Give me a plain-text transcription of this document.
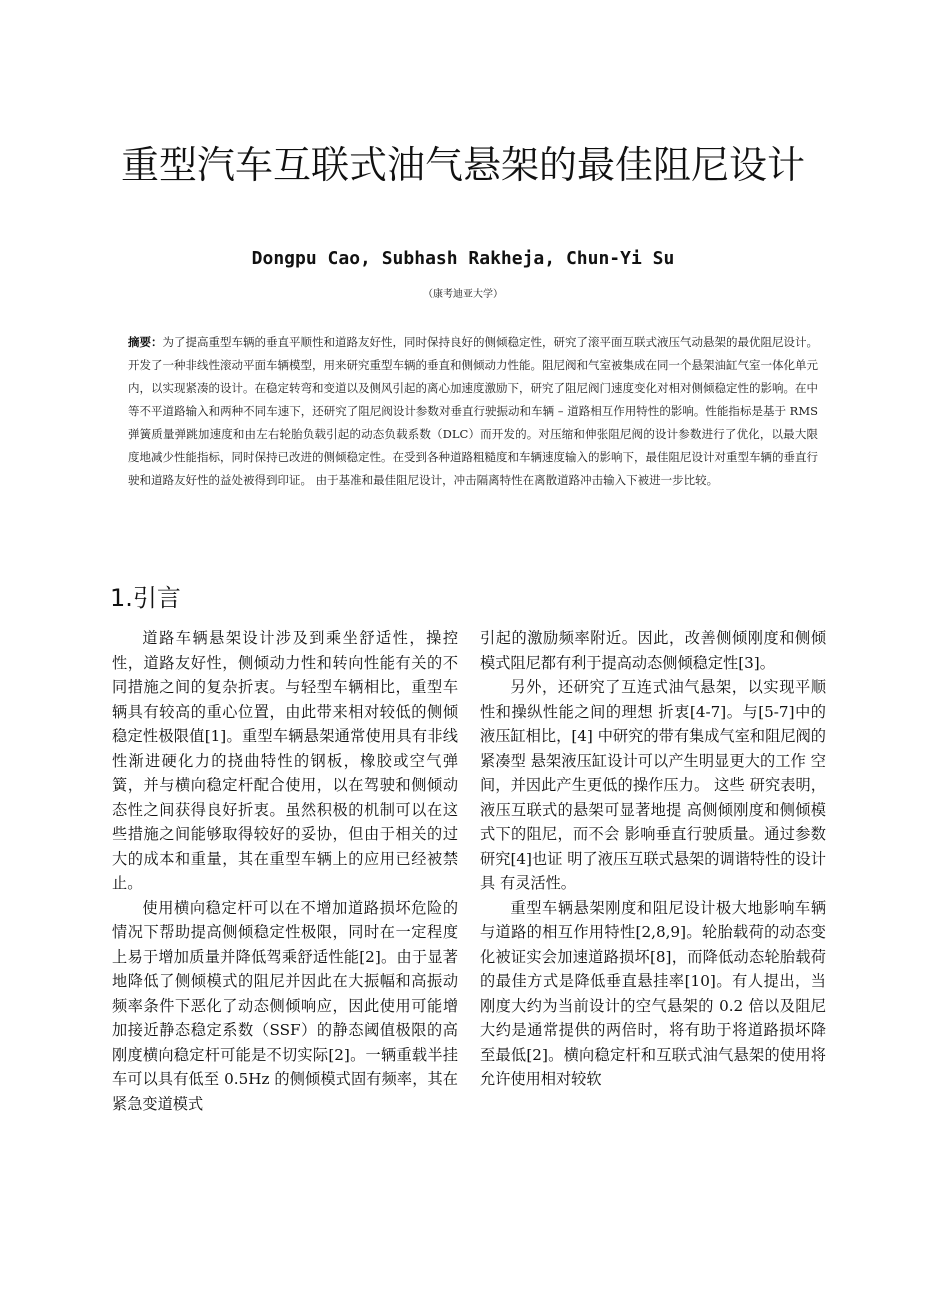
重型汽车互联式油气悬架的最佳阻尼设计

Dongpu Cao, Subhash Rakheja, Chun-Yi Su

（康考迪亚大学）

摘要：为了提高重型车辆的垂直平顺性和道路友好性，同时保持良好的侧倾稳定性，研究了滚平面互联式液压气动悬架的最优阻尼设计。开发了一种非线性滚动平面车辆模型，用来研究重型车辆的垂直和侧倾动力性能。阻尼阀和气室被集成在同一个悬架油缸气室一体化单元内，以实现紧凑的设计。在稳定转弯和变道以及侧风引起的离心加速度激励下，研究了阻尼阀门速度变化对相对侧倾稳定性的影响。在中等不平道路输入和两种不同车速下，还研究了阻尼阀设计参数对垂直行驶振动和车辆 – 道路相互作用特性的影响。性能指标是基于 RMS 弹簧质量弹跳加速度和由左右轮胎负载引起的动态负载系数（DLC）而开发的。对压缩和伸张阻尼阀的设计参数进行了优化，以最大限度地减少性能指标，同时保持已改进的侧倾稳定性。在受到各种道路粗糙度和车辆速度输入的影响下，最佳阻尼设计对重型车辆的垂直行驶和道路友好性的益处被得到印证。 由于基准和最佳阻尼设计，冲击隔离特性在离散道路冲击输入下被进一步比较。

1.引言

道路车辆悬架设计涉及到乘坐舒适性，操控性，道路友好性，侧倾动力性和转向性能有关的不同措施之间的复杂折衷。与轻型车辆相比，重型车辆具有较高的重心位置，由此带来相对较低的侧倾稳定性极限值[1]。重型车辆悬架通常使用具有非线性渐进硬化力的挠曲特性的钢板，橡胶或空气弹簧，并与横向稳定杆配合使用，以在驾驶和侧倾动态性之间获得良好折衷。虽然积极的机制可以在这些措施之间能够取得较好的妥协，但由于相关的过大的成本和重量，其在重型车辆上的应用已经被禁止。

使用横向稳定杆可以在不增加道路损坏危险的情况下帮助提高侧倾稳定性极限，同时在一定程度上易于增加质量并降低驾乘舒适性能[2]。由于显著地降低了侧倾模式的阻尼并因此在大振幅和高振动频率条件下恶化了动态侧倾响应，因此使用可能增加接近静态稳定系数（SSF）的静态阈值极限的高刚度横向稳定杆可能是不切实际[2]。一辆重载半挂车可以具有低至 0.5Hz 的侧倾模式固有频率，其在紧急变道模式

引起的激励频率附近。因此，改善侧倾刚度和侧倾模式阻尼都有利于提高动态侧倾稳定性[3]。

另外，还研究了互连式油气悬架，以实现平顺性和操纵性能之间的理想 折衷[4-7]。与[5-7]中的液压缸相比，[4] 中研究的带有集成气室和阻尼阀的紧凑型 悬架液压缸设计可以产生明显更大的工作 空间，并因此产生更低的操作压力。 这些 研究表明，液压互联式的悬架可显著地提 高侧倾刚度和侧倾模式下的阻尼，而不会 影响垂直行驶质量。通过参数研究[4]也证 明了液压互联式悬架的调谐特性的设计具 有灵活性。

重型车辆悬架刚度和阻尼设计极大地影响车辆与道路的相互作用特性[2,8,9]。轮胎载荷的动态变化被证实会加速道路损坏[8]，而降低动态轮胎载荷的最佳方式是降低垂直悬挂率[10]。有人提出，当刚度大约为当前设计的空气悬架的 0.2 倍以及阻尼大约是通常提供的两倍时，将有助于将道路损坏降至最低[2]。横向稳定杆和互联式油气悬架的使用将允许使用相对较软
